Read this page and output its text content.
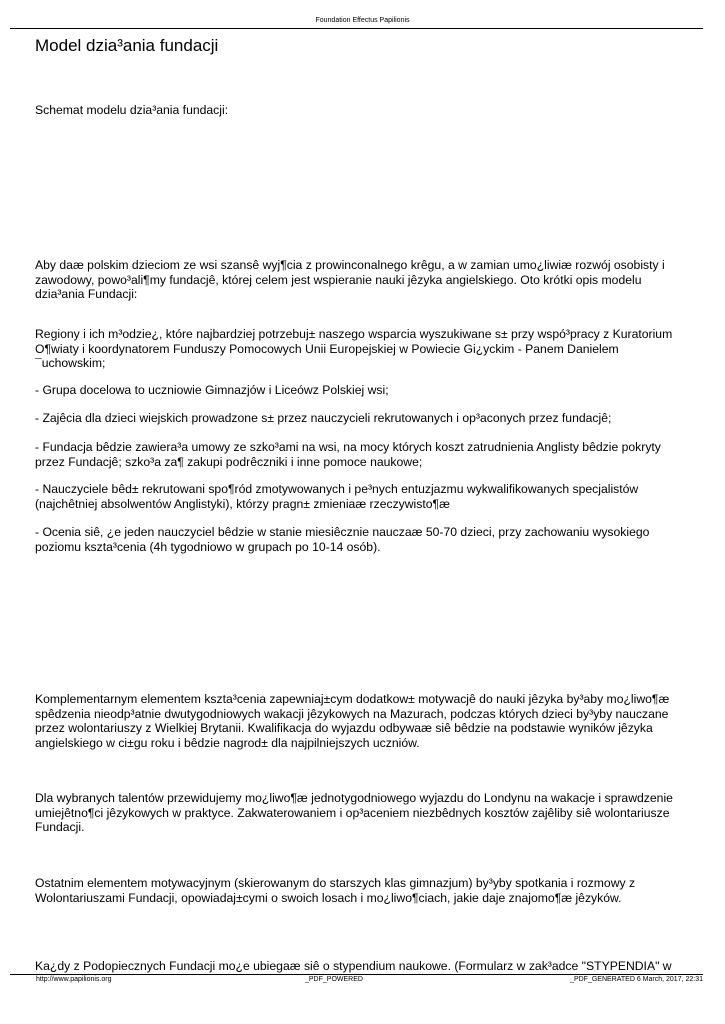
Foundation Effectus Papilionis
Model dzia³ania fundacji

Schemat modelu dzia³ania fundacji:

Aby daæ polskim dzieciom ze wsi szansê wyj¶cia z prowinconalnego krêgu, a w zamian umo¿liwiæ rozwój osobisty i zawodowy, powo³ali¶my fundacjê, której celem jest wspieranie nauki jêzyka angielskiego. Oto krótki opis modelu dzia³ania Fundacji:

Regiony i ich m³odzie¿, które najbardziej potrzebuj± naszego wsparcia wyszukiwane s± przy wspó³pracy z Kuratorium O¶wiaty i koordynatorem Funduszy Pomocowych Unii Europejskiej w Powiecie Gi¿yckim - Panem Danielem ¯uchowskim;

- Grupa docelowa to uczniowie Gimnazjów i Liceówz Polskiej wsi;

- Zajêcia dla dzieci wiejskich prowadzone s± przez nauczycieli rekrutowanych i op³aconych przez fundacjê;

- Fundacja bêdzie zawiera³a umowy ze szko³ami na wsi, na mocy których koszt zatrudnienia Anglisty bêdzie pokryty przez Fundacjê; szko³a za¶ zakupi podrêczniki i inne pomoce naukowe;

- Nauczyciele bêd± rekrutowani spo¶ród zmotywowanych i pe³nych entuzjazmu wykwalifikowanych specjalistów (najchêtniej absolwentów Anglistyki), którzy pragn± zmieniaæ rzeczywisto¶æ

- Ocenia siê, ¿e jeden nauczyciel bêdzie w stanie miesiêcznie nauczaæ 50-70 dzieci, przy zachowaniu wysokiego poziomu kszta³cenia (4h tygodniowo w grupach po 10-14 osób).

Komplementarnym elementem kszta³cenia zapewniaj±cym dodatkow± motywacjê do nauki jêzyka by³aby mo¿liwo¶æ spêdzenia nieodp³atnie dwutygodniowych wakacji jêzykowych na Mazurach, podczas których dzieci by³yby nauczane przez wolontariuszy z Wielkiej Brytanii. Kwalifikacja do wyjazdu odbywaæ siê bêdzie na podstawie wyników jêzyka angielskiego w ci±gu roku i bêdzie nagrod± dla najpilniejszych uczniów.

Dla wybranych talentów przewidujemy mo¿liwo¶æ jednotygodniowego wyjazdu do Londynu na wakacje i sprawdzenie umiejêtno¶ci jêzykowych w praktyce. Zakwaterowaniem i op³aceniem niezbêdnych kosztów zajêliby siê wolontariusze Fundacji.

Ostatnim elementem motywacyjnym (skierowanym do starszych klas gimnazjum) by³yby spotkania i rozmowy z Wolontariuszami Fundacji, opowiadaj±cymi o swoich losach i mo¿liwo¶ciach, jakie daje znajomo¶æ jêzyków.

Ka¿dy z Podopiecznych Fundacji mo¿e ubiegaæ siê o stypendium naukowe. (Formularz w zak³adce "STYPENDIA" w

http://www.papilionis.org	_PDF_POWERED	_PDF_GENERATED 6 March, 2017, 22:31
